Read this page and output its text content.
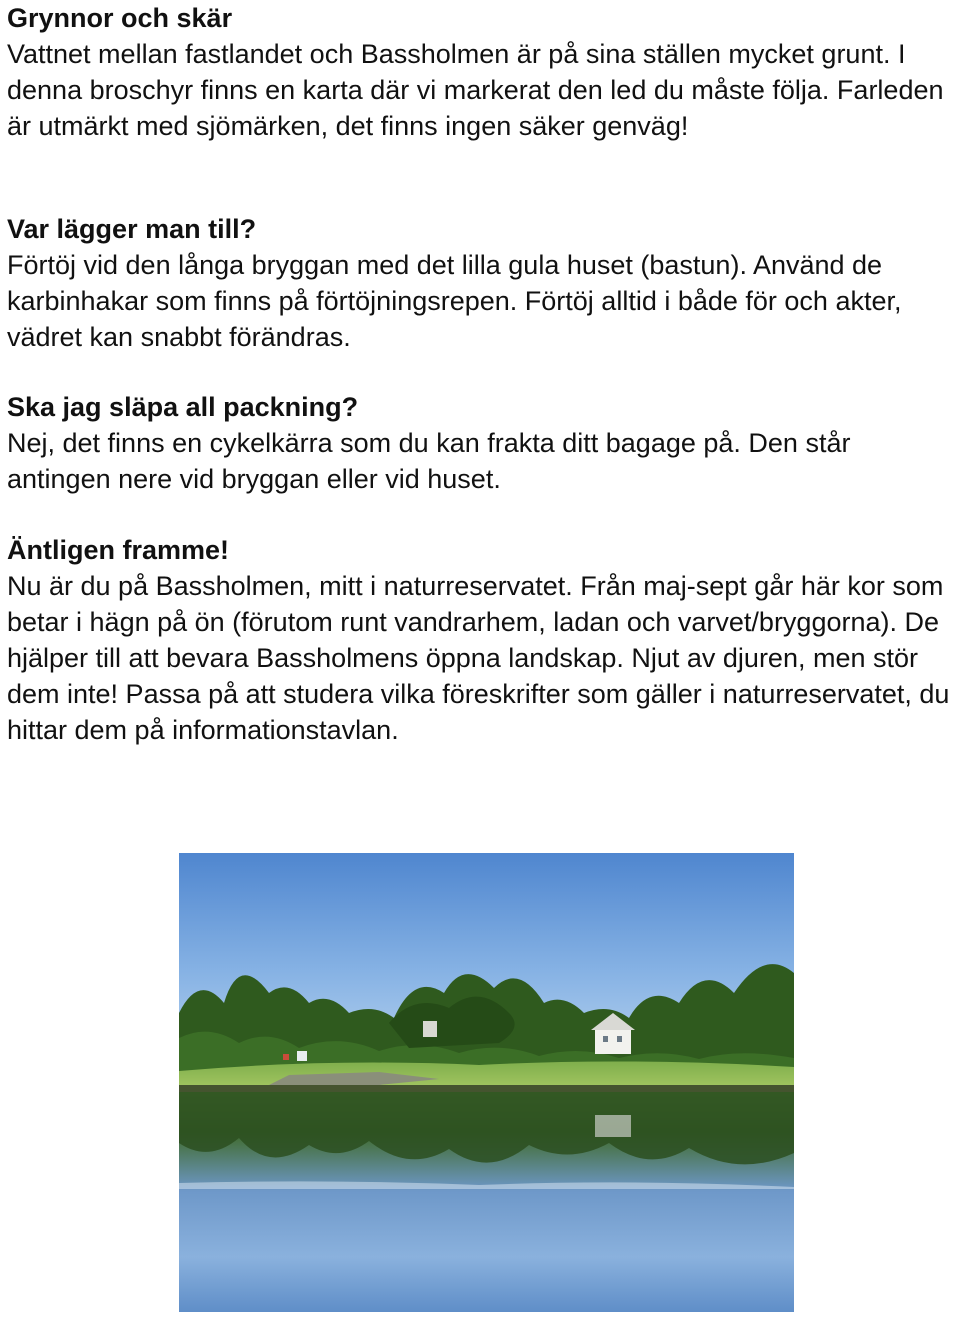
Grynnor och skär

Vattnet mellan fastlandet och Bassholmen är på sina ställen mycket grunt. I denna broschyr finns en karta där vi markerat den led du måste följa. Farleden är utmärkt med sjömärken, det finns ingen säker genväg!

Var lägger man till?

Förtöj vid den långa bryggan med det lilla gula huset (bastun). Använd de karbinhakar som finns på förtöjningsrepen. Förtöj alltid i både för och akter, vädret kan snabbt förändras.

Ska jag släpa all packning?

Nej, det finns en cykelkärra som du kan frakta ditt bagage på. Den står antingen nere vid bryggan eller vid huset.

Äntligen framme!

Nu är du på Bassholmen, mitt i naturreservatet. Från maj-sept går här kor som betar i hägn på ön (förutom runt vandrarhem, ladan och varvet/bryggorna). De hjälper till att bevara Bassholmens öppna landskap. Njut av djuren, men stör dem inte! Passa på att studera vilka föreskrifter som gäller i naturreservatet, du hittar dem på informationstavlan.
